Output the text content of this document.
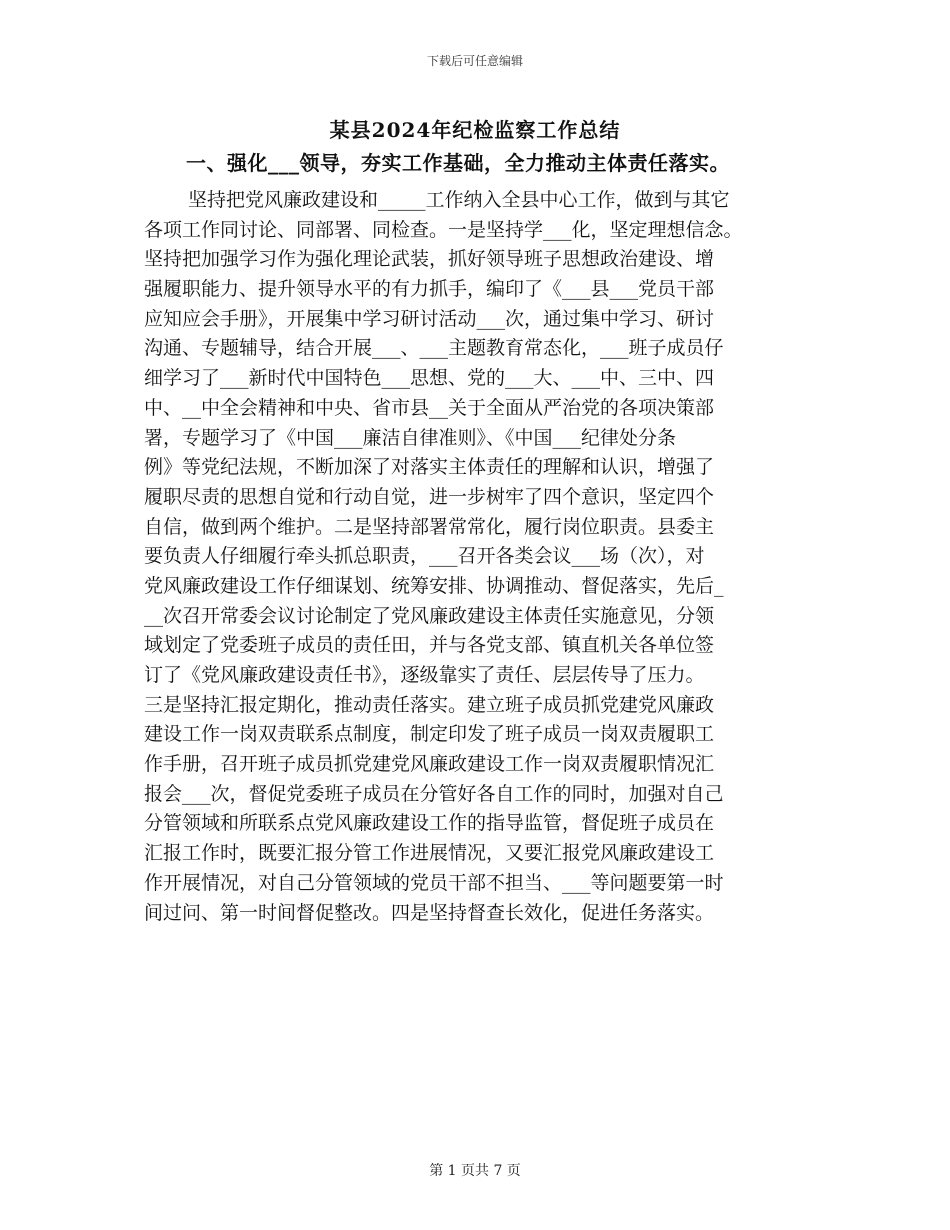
下载后可任意编辑
某县2024年纪检监察工作总结
一、强化___领导，夯实工作基础，全力推动主体责任落实。
坚持把党风廉政建设和_____工作纳入全县中心工作，做到与其它
各项工作同讨论、同部署、同检查。一是坚持学___化，坚定理想信念。
坚持把加强学习作为强化理论武装，抓好领导班子思想政治建设、增
强履职能力、提升领导水平的有力抓手，编印了《___县___党员干部
应知应会手册》，开展集中学习研讨活动___次，通过集中学习、研讨
沟通、专题辅导，结合开展___、___主题教育常态化，___班子成员仔
细学习了___新时代中国特色___思想、党的___大、___中、三中、四
中、__中全会精神和中央、省市县__关于全面从严治党的各项决策部
署，专题学习了《中国___廉洁自律准则》、《中国___纪律处分条
例》等党纪法规，不断加深了对落实主体责任的理解和认识，增强了
履职尽责的思想自觉和行动自觉，进一步树牢了四个意识，坚定四个
自信，做到两个维护。二是坚持部署常常化，履行岗位职责。县委主
要负责人仔细履行牵头抓总职责，___召开各类会议___场（次），对
党风廉政建设工作仔细谋划、统筹安排、协调推动、督促落实，先后_
__次召开常委会议讨论制定了党风廉政建设主体责任实施意见，分领
域划定了党委班子成员的责任田，并与各党支部、镇直机关各单位签
订了《党风廉政建设责任书》，逐级靠实了责任、层层传导了压力。
三是坚持汇报定期化，推动责任落实。建立班子成员抓党建党风廉政
建设工作一岗双责联系点制度，制定印发了班子成员一岗双责履职工
作手册，召开班子成员抓党建党风廉政建设工作一岗双责履职情况汇
报会___次，督促党委班子成员在分管好各自工作的同时，加强对自己
分管领域和所联系点党风廉政建设工作的指导监管，督促班子成员在
汇报工作时，既要汇报分管工作进展情况，又要汇报党风廉政建设工
作开展情况，对自己分管领域的党员干部不担当、___等问题要第一时
间过问、第一时间督促整改。四是坚持督查长效化，促进任务落实。
第 1 页共 7 页
